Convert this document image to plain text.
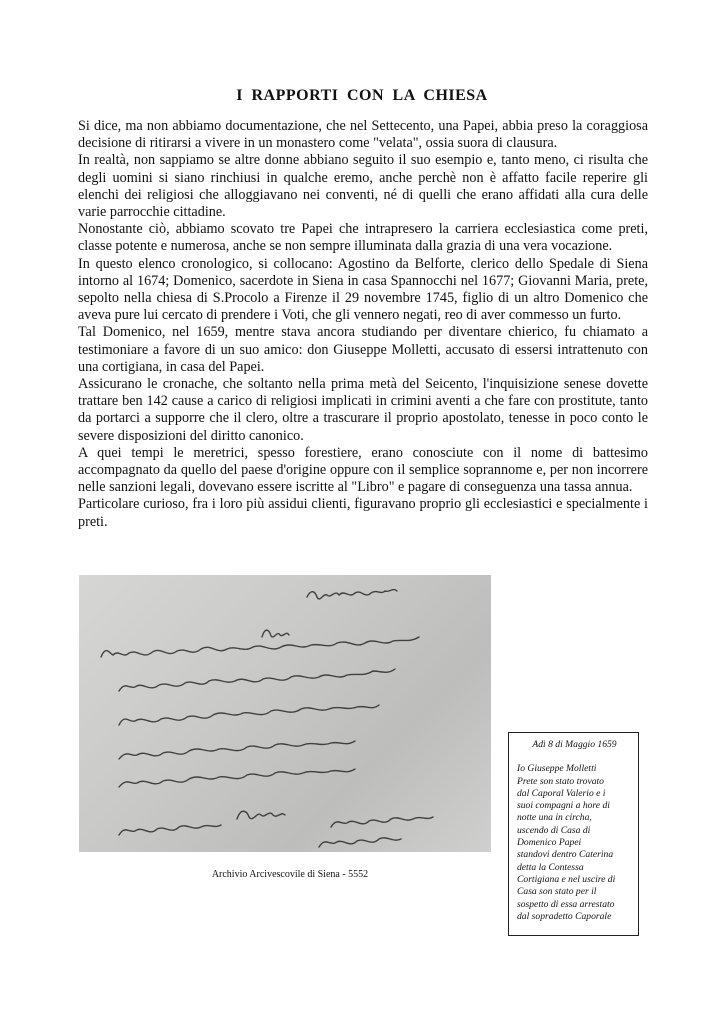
I RAPPORTI CON LA CHIESA

Si dice, ma non abbiamo documentazione, che nel Settecento, una Papei, abbia preso la coraggiosa decisione di ritirarsi a vivere in un monastero come "velata", ossia suora di clausura.

In realtà, non sappiamo se altre donne abbiano seguito il suo esempio e, tanto meno, ci risulta che degli uomini si siano rinchiusi in qualche eremo, anche perchè non è affatto facile reperire gli elenchi dei religiosi che alloggiavano nei conventi, né di quelli che erano affidati alla cura delle varie parrocchie cittadine.

Nonostante ciò, abbiamo scovato tre Papei che intrapresero la carriera ecclesiastica come preti, classe potente e numerosa, anche se non sempre illuminata dalla grazia di una vera vocazione.

In questo elenco cronologico, si collocano: Agostino da Belforte, clerico dello Spedale di Siena intorno al 1674; Domenico, sacerdote in Siena in casa Spannocchi nel 1677; Giovanni Maria, prete, sepolto nella chiesa di S.Procolo a Firenze il 29 novembre 1745, figlio di un altro Domenico che aveva pure lui cercato di prendere i Voti, che gli vennero negati, reo di aver commesso un furto.

Tal Domenico, nel 1659, mentre stava ancora studiando per diventare chierico, fu chiamato a testimoniare a favore di un suo amico: don Giuseppe Molletti, accusato di essersi intrattenuto con una cortigiana, in casa del Papei.

Assicurano le cronache, che soltanto nella prima metà del Seicento, l'inquisizione senese dovette trattare ben 142 cause a carico di religiosi implicati in crimini aventi a che fare con prostitute, tanto da portarci a supporre che il clero, oltre a trascurare il proprio apostolato, tenesse in poco conto le severe disposizioni del diritto canonico.

A quei tempi le meretrici, spesso forestiere, erano conosciute con il nome di battesimo accompagnato da quello del paese d'origine oppure con il semplice soprannome e, per non incorrere nelle sanzioni legali, dovevano essere iscritte al "Libro" e pagare di conseguenza una tassa annua.

Particolare curioso, fra i loro più assidui clienti, figuravano proprio gli ecclesiastici e specialmente i preti.

Archivio Arcivescovile di Siena - 5552

Adì 8 di Maggio 1659

Io Giuseppe Molletti
Prete son stato trovato
dal Caporal Valerio e i
suoi compagni a hore di
notte una in circha,
uscendo di Casa di
Domenico Papei
standovi dentro Caterina
detta la Contessa
Cortigiana e nel uscire di
Casa son stato per il
sospetto di essa arrestato
dal sopradetto Caporale
